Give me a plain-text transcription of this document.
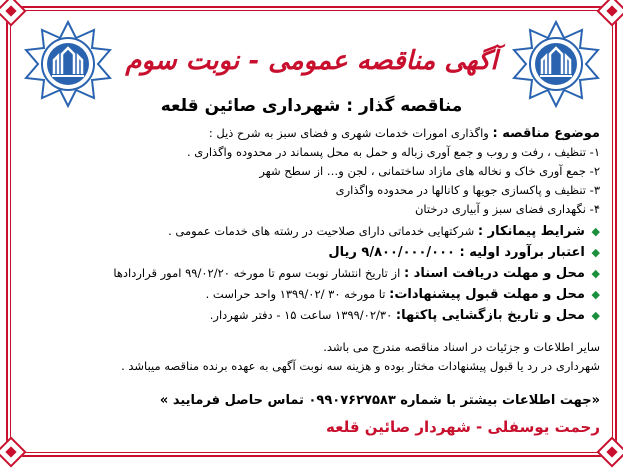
آگهی مناقصه عمومی - نوبت سوم
مناقصه گذار : شهرداری صائین قلعه
موضوع مناقصه : واگذاری امورات خدمات شهری و فضای سبز به شرح ذیل :
۱- تنظیف ، رفت و روب و جمع آوری زباله و حمل به محل پسماند در محدوده واگذاری .
۲- جمع آوری خاک و نخاله های مازاد ساختمانی ، لجن و… از سطح شهر
۳- تنظیف و پاکسازی جویها و کانالها در محدوده واگذاری
۴- نگهداری فضای سبز و آبیاری درختان
◆ شرایط پیمانکار : شرکتهایی خدماتی دارای صلاحیت در رشته های خدمات عمومی .
◆ اعتبار برآورد اولیه : ۹/۸۰۰/۰۰۰/۰۰۰ ریال
◆ محل و مهلت دریافت اسناد : از تاریخ انتشار نوبت سوم تا مورخه ۹۹/۰۲/۲۰ امور قراردادها
◆ محل و مهلت قبول پیشنهادات: تا مورخه ۳۰ /۱۳۹۹/۰۲ واحد حراست .
◆ محل و تاریخ بازگشایی پاکتها: ۱۳۹۹/۰۲/۳۰ ساعت ۱۵ - دفتر شهردار.
سایر اطلاعات و جزئیات در اسناد مناقصه مندرج می باشد.
شهرداری در رد یا قبول پیشنهادات مختار بوده و هزینه سه نوبت آگهی به عهده برنده مناقصه میباشد .
«جهت اطلاعات بیشتر با شماره ۰۹۹۰۷۶۲۷۵۸۳ تماس حاصل فرمایید »
رحمت یوسفلی - شهردار صائین قلعه
